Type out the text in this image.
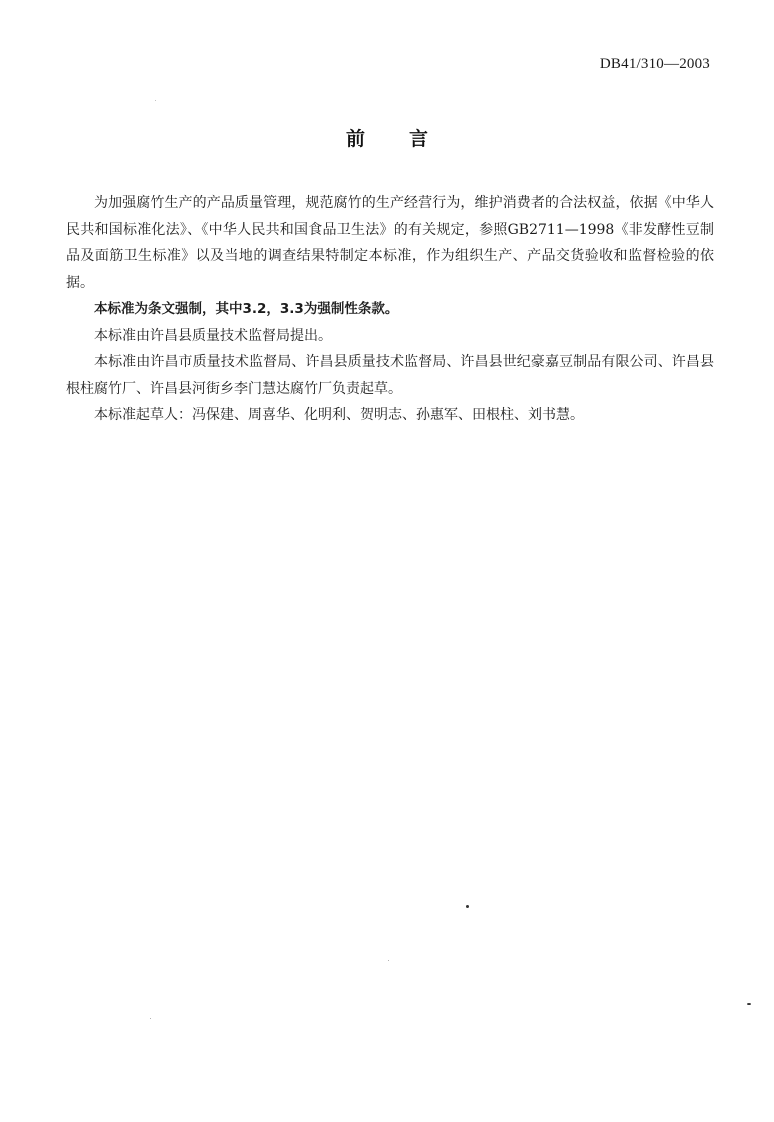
DB41/310—2003
前 言

为加强腐竹生产的产品质量管理，规范腐竹的生产经营行为，维护消费者的合法权益，依据《中华人民共和国标准化法》、《中华人民共和国食品卫生法》的有关规定，参照GB2711—1998《非发酵性豆制品及面筋卫生标准》以及当地的调查结果特制定本标准，作为组织生产、产品交货验收和监督检验的依据。

本标准为条文强制，其中3.2，3.3为强制性条款。

本标准由许昌县质量技术监督局提出。

本标准由许昌市质量技术监督局、许昌县质量技术监督局、许昌县世纪豪嘉豆制品有限公司、许昌县根柱腐竹厂、许昌县河街乡李门慧达腐竹厂负责起草。

本标准起草人：冯保建、周喜华、化明利、贺明志、孙惠军、田根柱、刘书慧。
